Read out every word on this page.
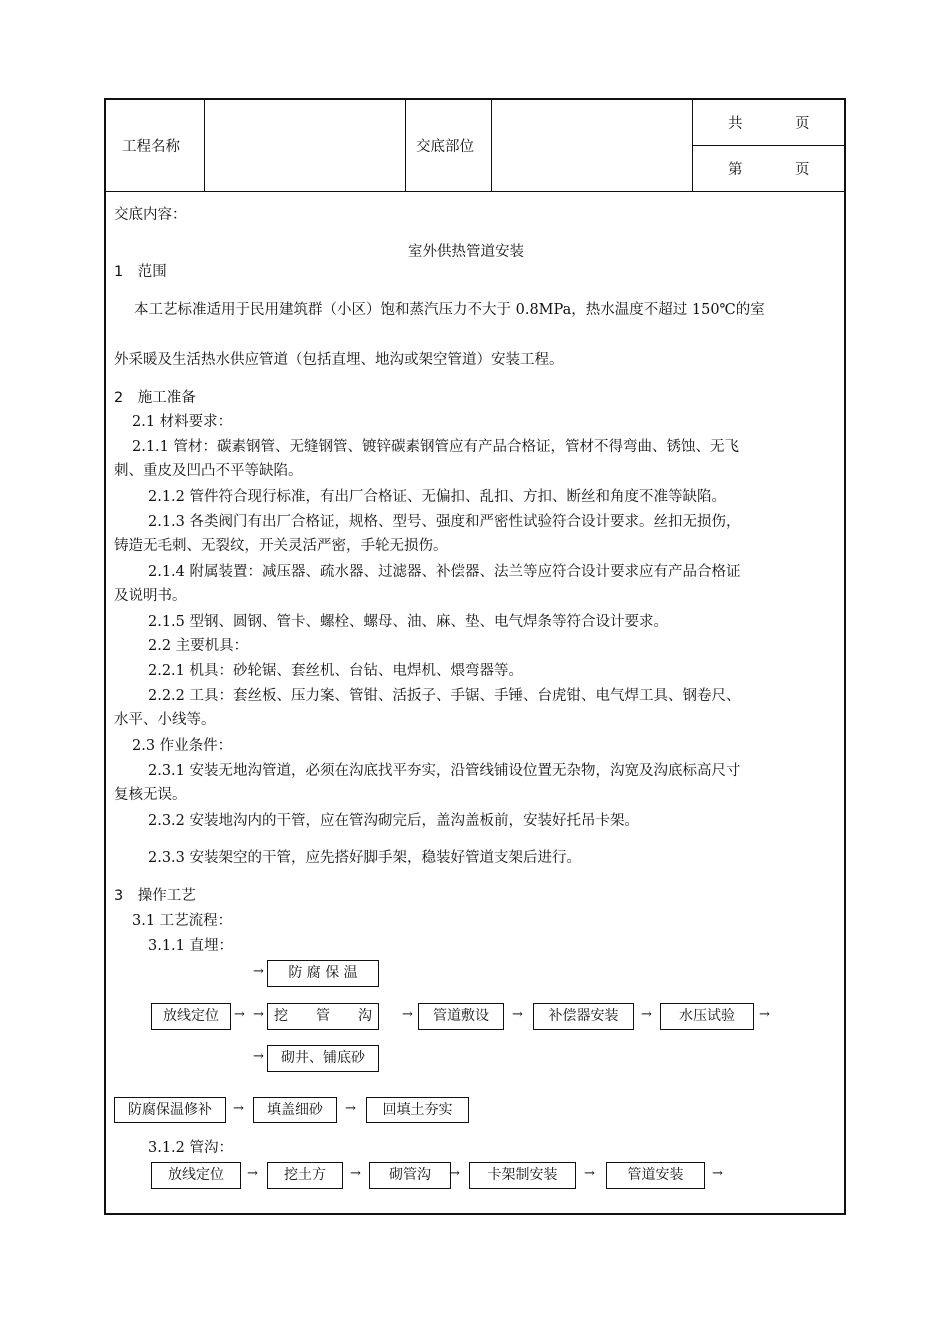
工程名称	交底部位
共	页
第	页
交底内容：
室外供热管道安装
1　范围
本工艺标准适用于民用建筑群（小区）饱和蒸汽压力不大于 0.8MPa，热水温度不超过 150℃的室
外采暖及生活热水供应管道（包括直埋、地沟或架空管道）安装工程。
2　施工准备
2.1 材料要求：
2.1.1 管材：碳素钢管、无缝钢管、镀锌碳素钢管应有产品合格证，管材不得弯曲、锈蚀、无飞
刺、重皮及凹凸不平等缺陷。
2.1.2 管件符合现行标准，有出厂合格证、无偏扣、乱扣、方扣、断丝和角度不准等缺陷。
2.1.3 各类阀门有出厂合格证，规格、型号、强度和严密性试验符合设计要求。丝扣无损伤，
铸造无毛刺、无裂纹，开关灵活严密，手轮无损伤。
2.1.4 附属装置：减压器、疏水器、过滤器、补偿器、法兰等应符合设计要求应有产品合格证
及说明书。
2.1.5 型钢、圆钢、管卡、螺栓、螺母、油、麻、垫、电气焊条等符合设计要求。
2.2 主要机具：
2.2.1 机具：砂轮锯、套丝机、台钻、电焊机、煨弯器等。
2.2.2 工具：套丝板、压力案、管钳、活扳子、手锯、手锤、台虎钳、电气焊工具、钢卷尺、
水平、小线等。
2.3 作业条件：
2.3.1 安装无地沟管道，必须在沟底找平夯实，沿管线铺设位置无杂物，沟宽及沟底标高尺寸
复核无误。
2.3.2 安装地沟内的干管，应在管沟砌完后，盖沟盖板前，安装好托吊卡架。
2.3.3 安装架空的干管，应先搭好脚手架，稳装好管道支架后进行。
3　操作工艺
3.1 工艺流程：
3.1.1 直埋：
→	防 腐 保 温
放线定位	→ → 挖　　管　　沟	→	管道敷设	→	补偿器安装	→	水压试验	→
→	砌井、铺底砂
防腐保温修补	→	填盖细砂	→	回填土夯实
3.1.2 管沟：
放线定位	→	挖土方	→	砌管沟	→	卡架制安装	→	管道安装	→
